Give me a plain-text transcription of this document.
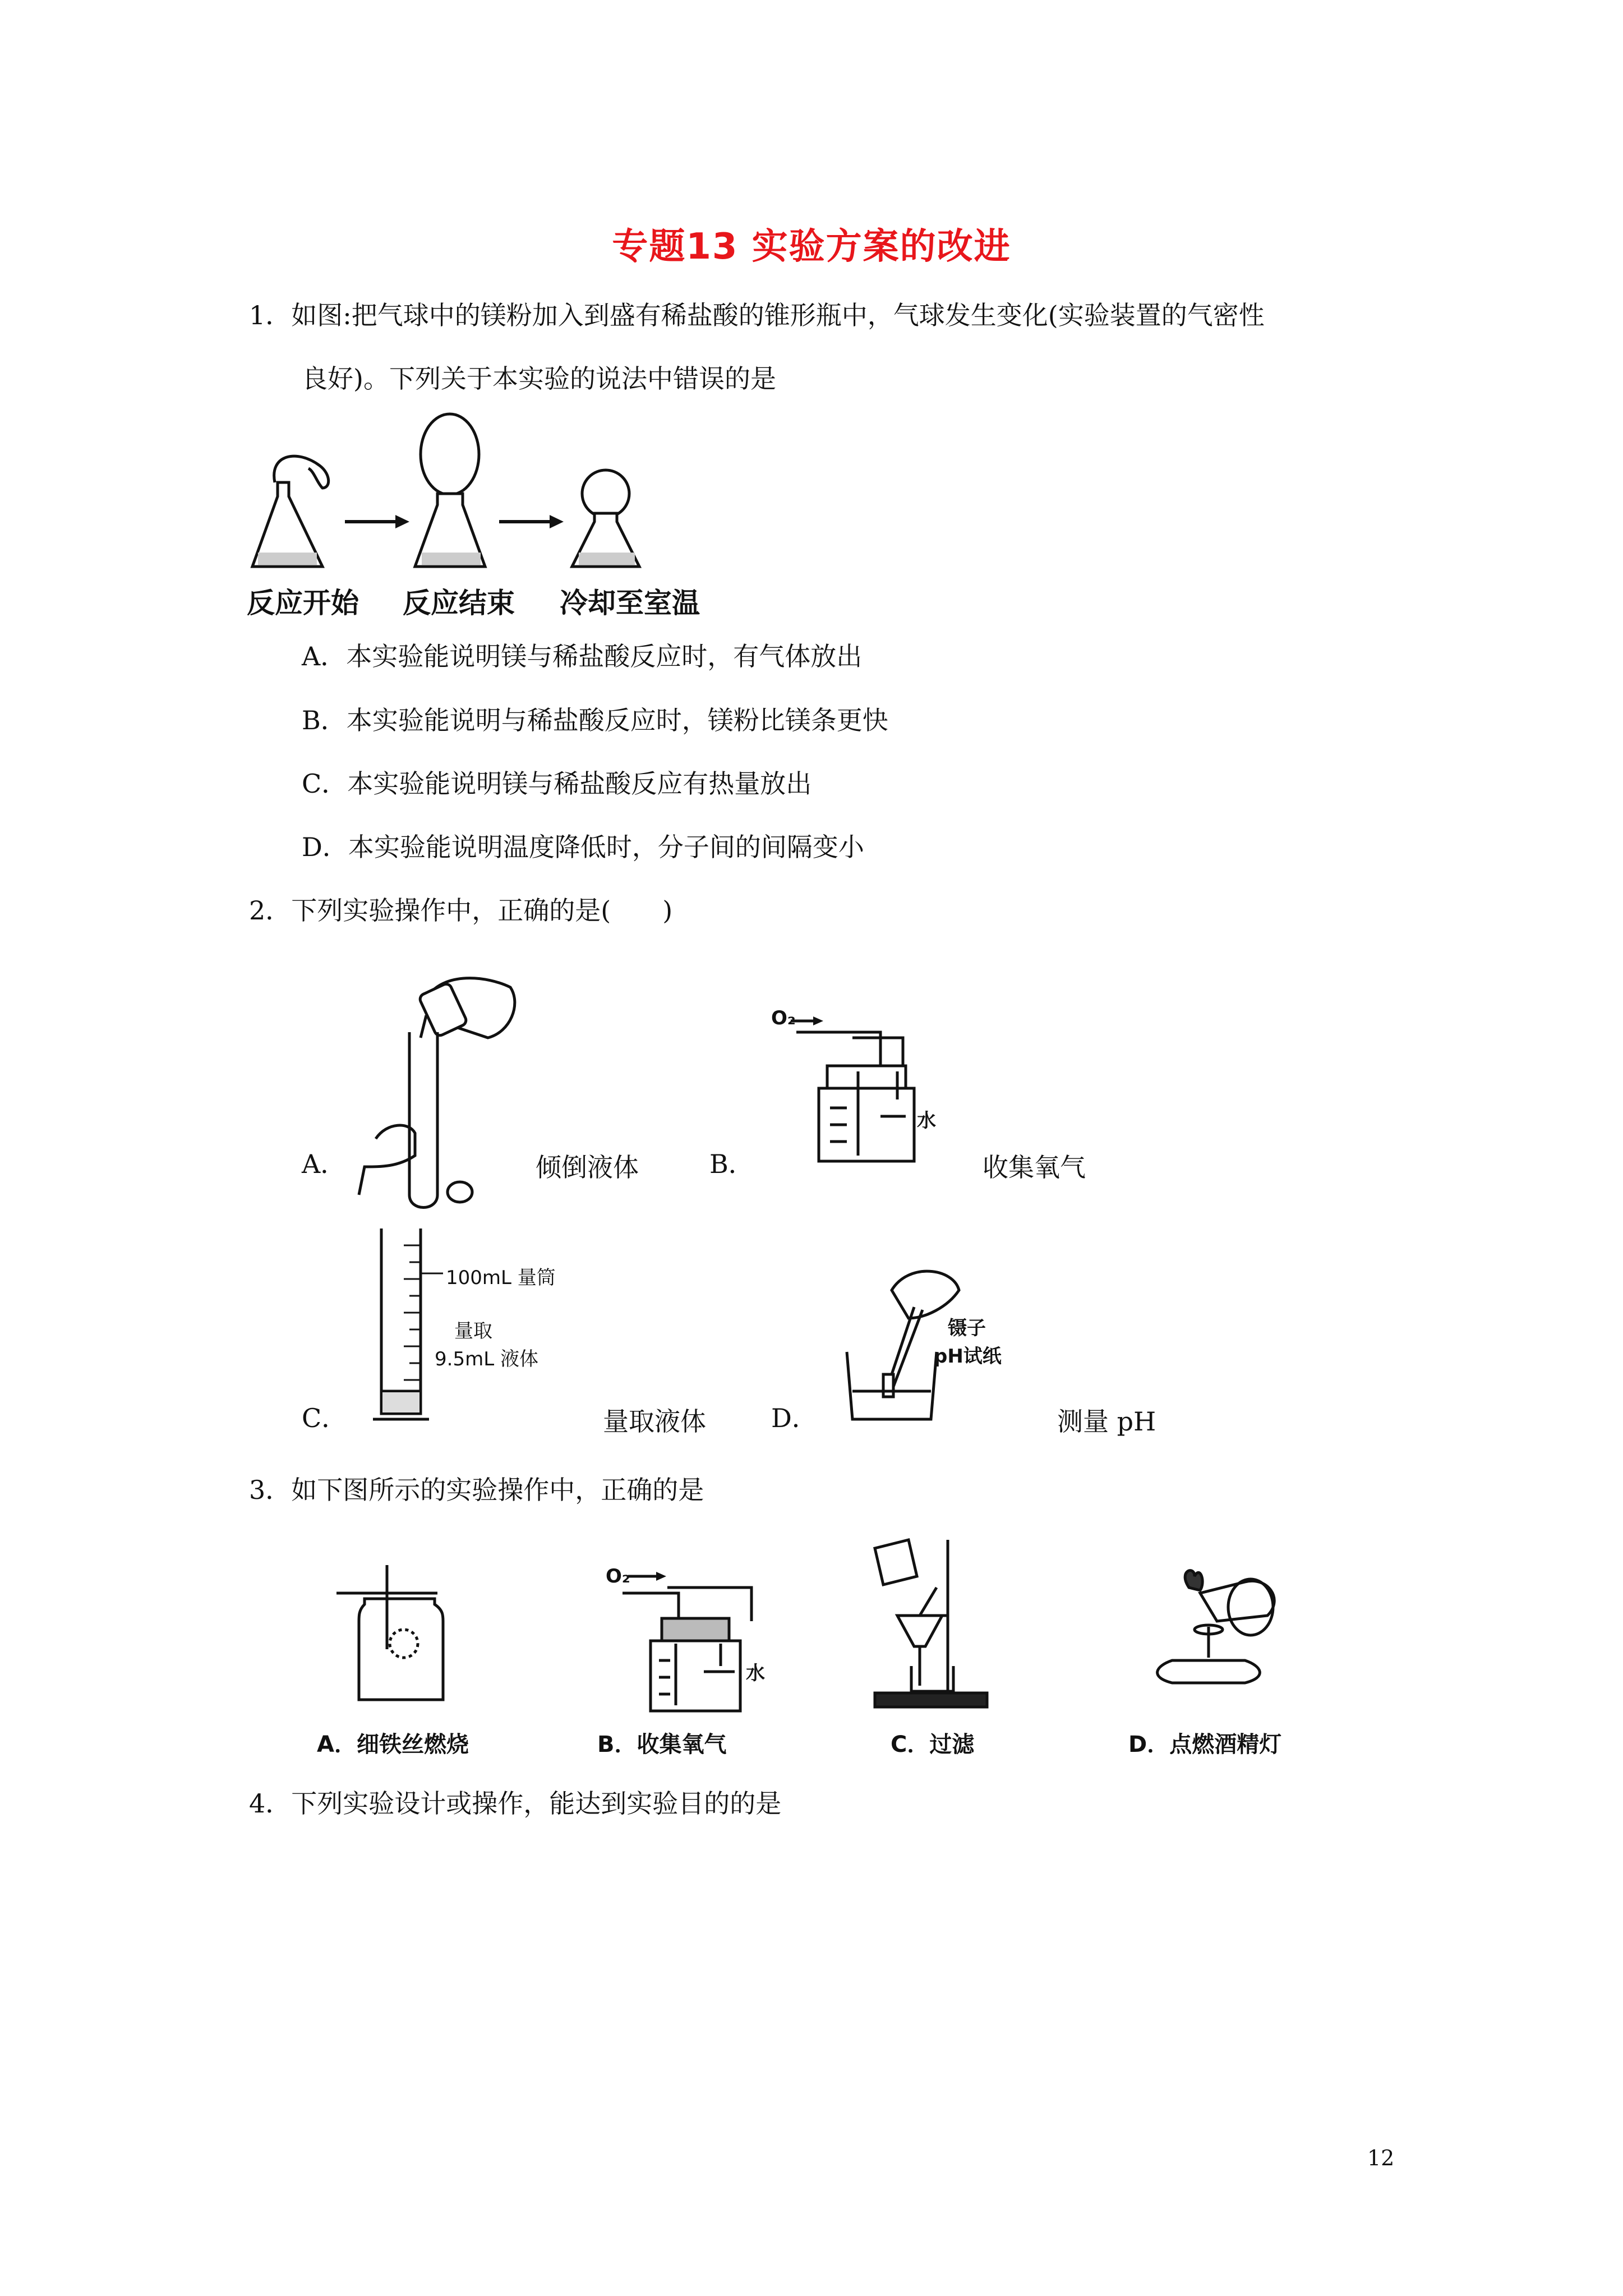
专题13 实验方案的改进
1．如图:把气球中的镁粉加入到盛有稀盐酸的锥形瓶中，气球发生变化(实验装置的气密性
良好)。下列关于本实验的说法中错误的是
反应开始 反应结束 冷却至室温
A．本实验能说明镁与稀盐酸反应时，有气体放出
B．本实验能说明与稀盐酸反应时，镁粉比镁条更快
C．本实验能说明镁与稀盐酸反应有热量放出
D．本实验能说明温度降低时，分子间的间隔变小
2．下列实验操作中，正确的是(　　)
A．	倾倒液体
O₂
水
B．	收集氧气
100mL 量筒
量取
9.5mL 液体
C．	量取液体
镊子
pH试纸
D．	测量 pH
3．如下图所示的实验操作中，正确的是
A．细铁丝燃烧
O₂
水
B．收集氧气	C．过滤	D．点燃酒精灯
4．下列实验设计或操作，能达到实验目的的是
12
